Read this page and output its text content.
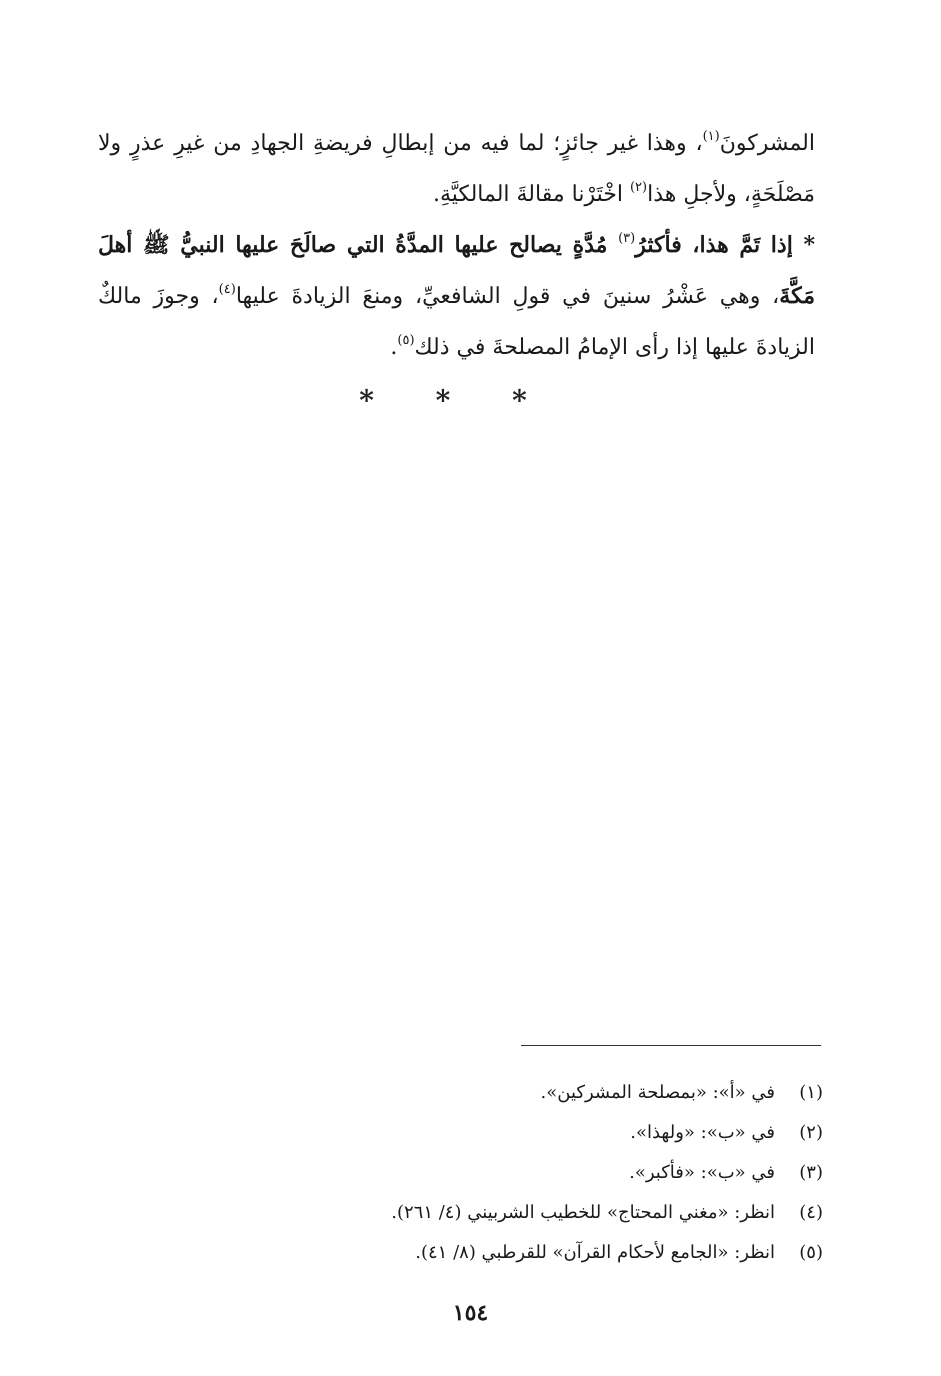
المشركونَ$^{(١)}$، وهذا غير جائزٍ؛ لما فيه من إبطالِ فريضةِ الجهادِ من غيرِ عذرٍ ولا مَصْلَحَةٍ، ولأجلِ هذا$^{(٢)}$ اخْتَرْنا مقالةَ المالكيَّةِ.

* إذا تَمَّ هذا، فأكثرُ$^{(٣)}$ مُدَّةٍ يصالح عليها المدَّةُ التي صالَحَ عليها النبيُّ ﷺ أهلَ مَكَّةَ، وهي عَشْرُ سنينَ في قولِ الشافعيِّ، ومنعَ الزيادةَ عليها$^{(٤)}$، وجوزَ مالكٌ الزيادةَ عليها إذا رأى الإمامُ المصلحةَ في ذلك$^{(٥)}$.

* * *
(١)
في «أ»: «بمصلحة المشركين».
(٢)
في «ب»: «ولهذا».
(٣)
في «ب»: «فأكبر».
(٤)
انظر: «مغني المحتاج» للخطيب الشربيني (٤/ ٢٦١).
(٥)
انظر: «الجامع لأحكام القرآن» للقرطبي (٨/ ٤١).
١٥٤
